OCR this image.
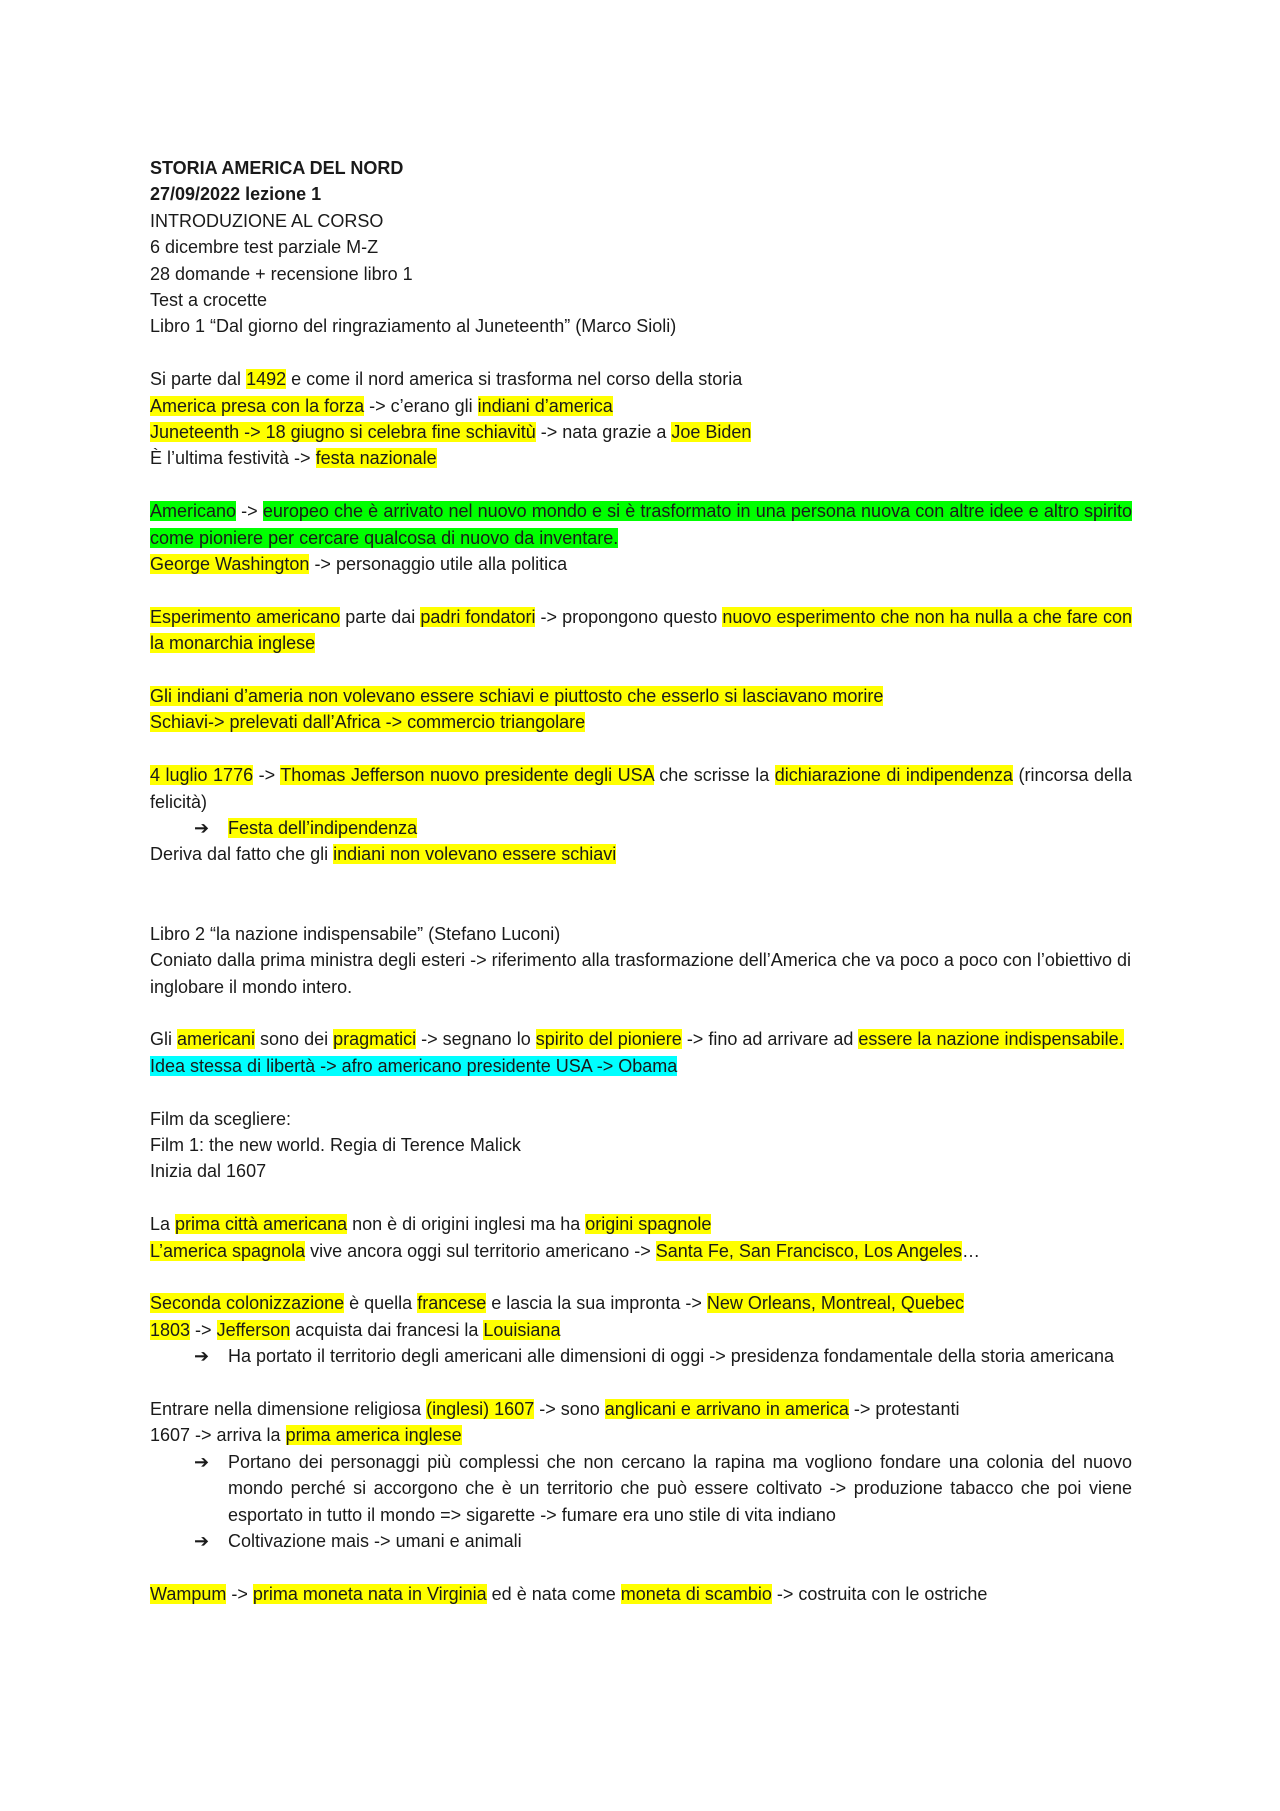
STORIA AMERICA DEL NORD
27/09/2022 lezione 1
INTRODUZIONE AL CORSO
6 dicembre test parziale M-Z
28 domande + recensione libro 1
Test a crocette
Libro 1 “Dal giorno del ringraziamento al Juneteenth” (Marco Sioli)
Si parte dal 1492 e come il nord america si trasforma nel corso della storia
America presa con la forza -> c’erano gli indiani d’america
Juneteenth -> 18 giugno si celebra fine schiavitù -> nata grazie a Joe Biden
È l’ultima festività -> festa nazionale
Americano -> europeo che è arrivato nel nuovo mondo e si è trasformato in una persona nuova con altre idee e altro spirito come pioniere per cercare qualcosa di nuovo da inventare.
George Washington -> personaggio utile alla politica
Esperimento americano parte dai padri fondatori -> propongono questo nuovo esperimento che non ha nulla a che fare con la monarchia inglese
Gli indiani d’ameria non volevano essere schiavi e piuttosto che esserlo si lasciavano morire
Schiavi-> prelevati dall’Africa -> commercio triangolare
4 luglio 1776 -> Thomas Jefferson nuovo presidente degli USA che scrisse la dichiarazione di indipendenza (rincorsa della felicità)
➔	Festa dell’indipendenza
Deriva dal fatto che gli indiani non volevano essere schiavi
Libro 2 “la nazione indispensabile” (Stefano Luconi)
Coniato dalla prima ministra degli esteri -> riferimento alla trasformazione dell’America che va poco a poco con l’obiettivo di inglobare il mondo intero.
Gli americani sono dei pragmatici -> segnano lo spirito del pioniere -> fino ad arrivare ad essere la nazione indispensabile.
Idea stessa di libertà -> afro americano presidente USA -> Obama
Film da scegliere:
Film 1: the new world. Regia di Terence Malick
Inizia dal 1607
La prima città americana non è di origini inglesi ma ha origini spagnole
L’america spagnola vive ancora oggi sul territorio americano -> Santa Fe, San Francisco, Los Angeles…
Seconda colonizzazione è quella francese e lascia la sua impronta -> New Orleans, Montreal, Quebec
1803 -> Jefferson acquista dai francesi la Louisiana
➔	Ha portato il territorio degli americani alle dimensioni di oggi -> presidenza fondamentale della storia americana
Entrare nella dimensione religiosa (inglesi) 1607 -> sono anglicani e arrivano in america -> protestanti
1607 -> arriva la prima america inglese
➔	Portano dei personaggi più complessi che non cercano la rapina ma vogliono fondare una colonia del nuovo mondo perché si accorgono che è un territorio che può essere coltivato -> produzione tabacco che poi viene esportato in tutto il mondo => sigarette -> fumare era uno stile di vita indiano
➔	Coltivazione mais -> umani e animali
Wampum -> prima moneta nata in Virginia ed è nata come moneta di scambio -> costruita con le ostriche
